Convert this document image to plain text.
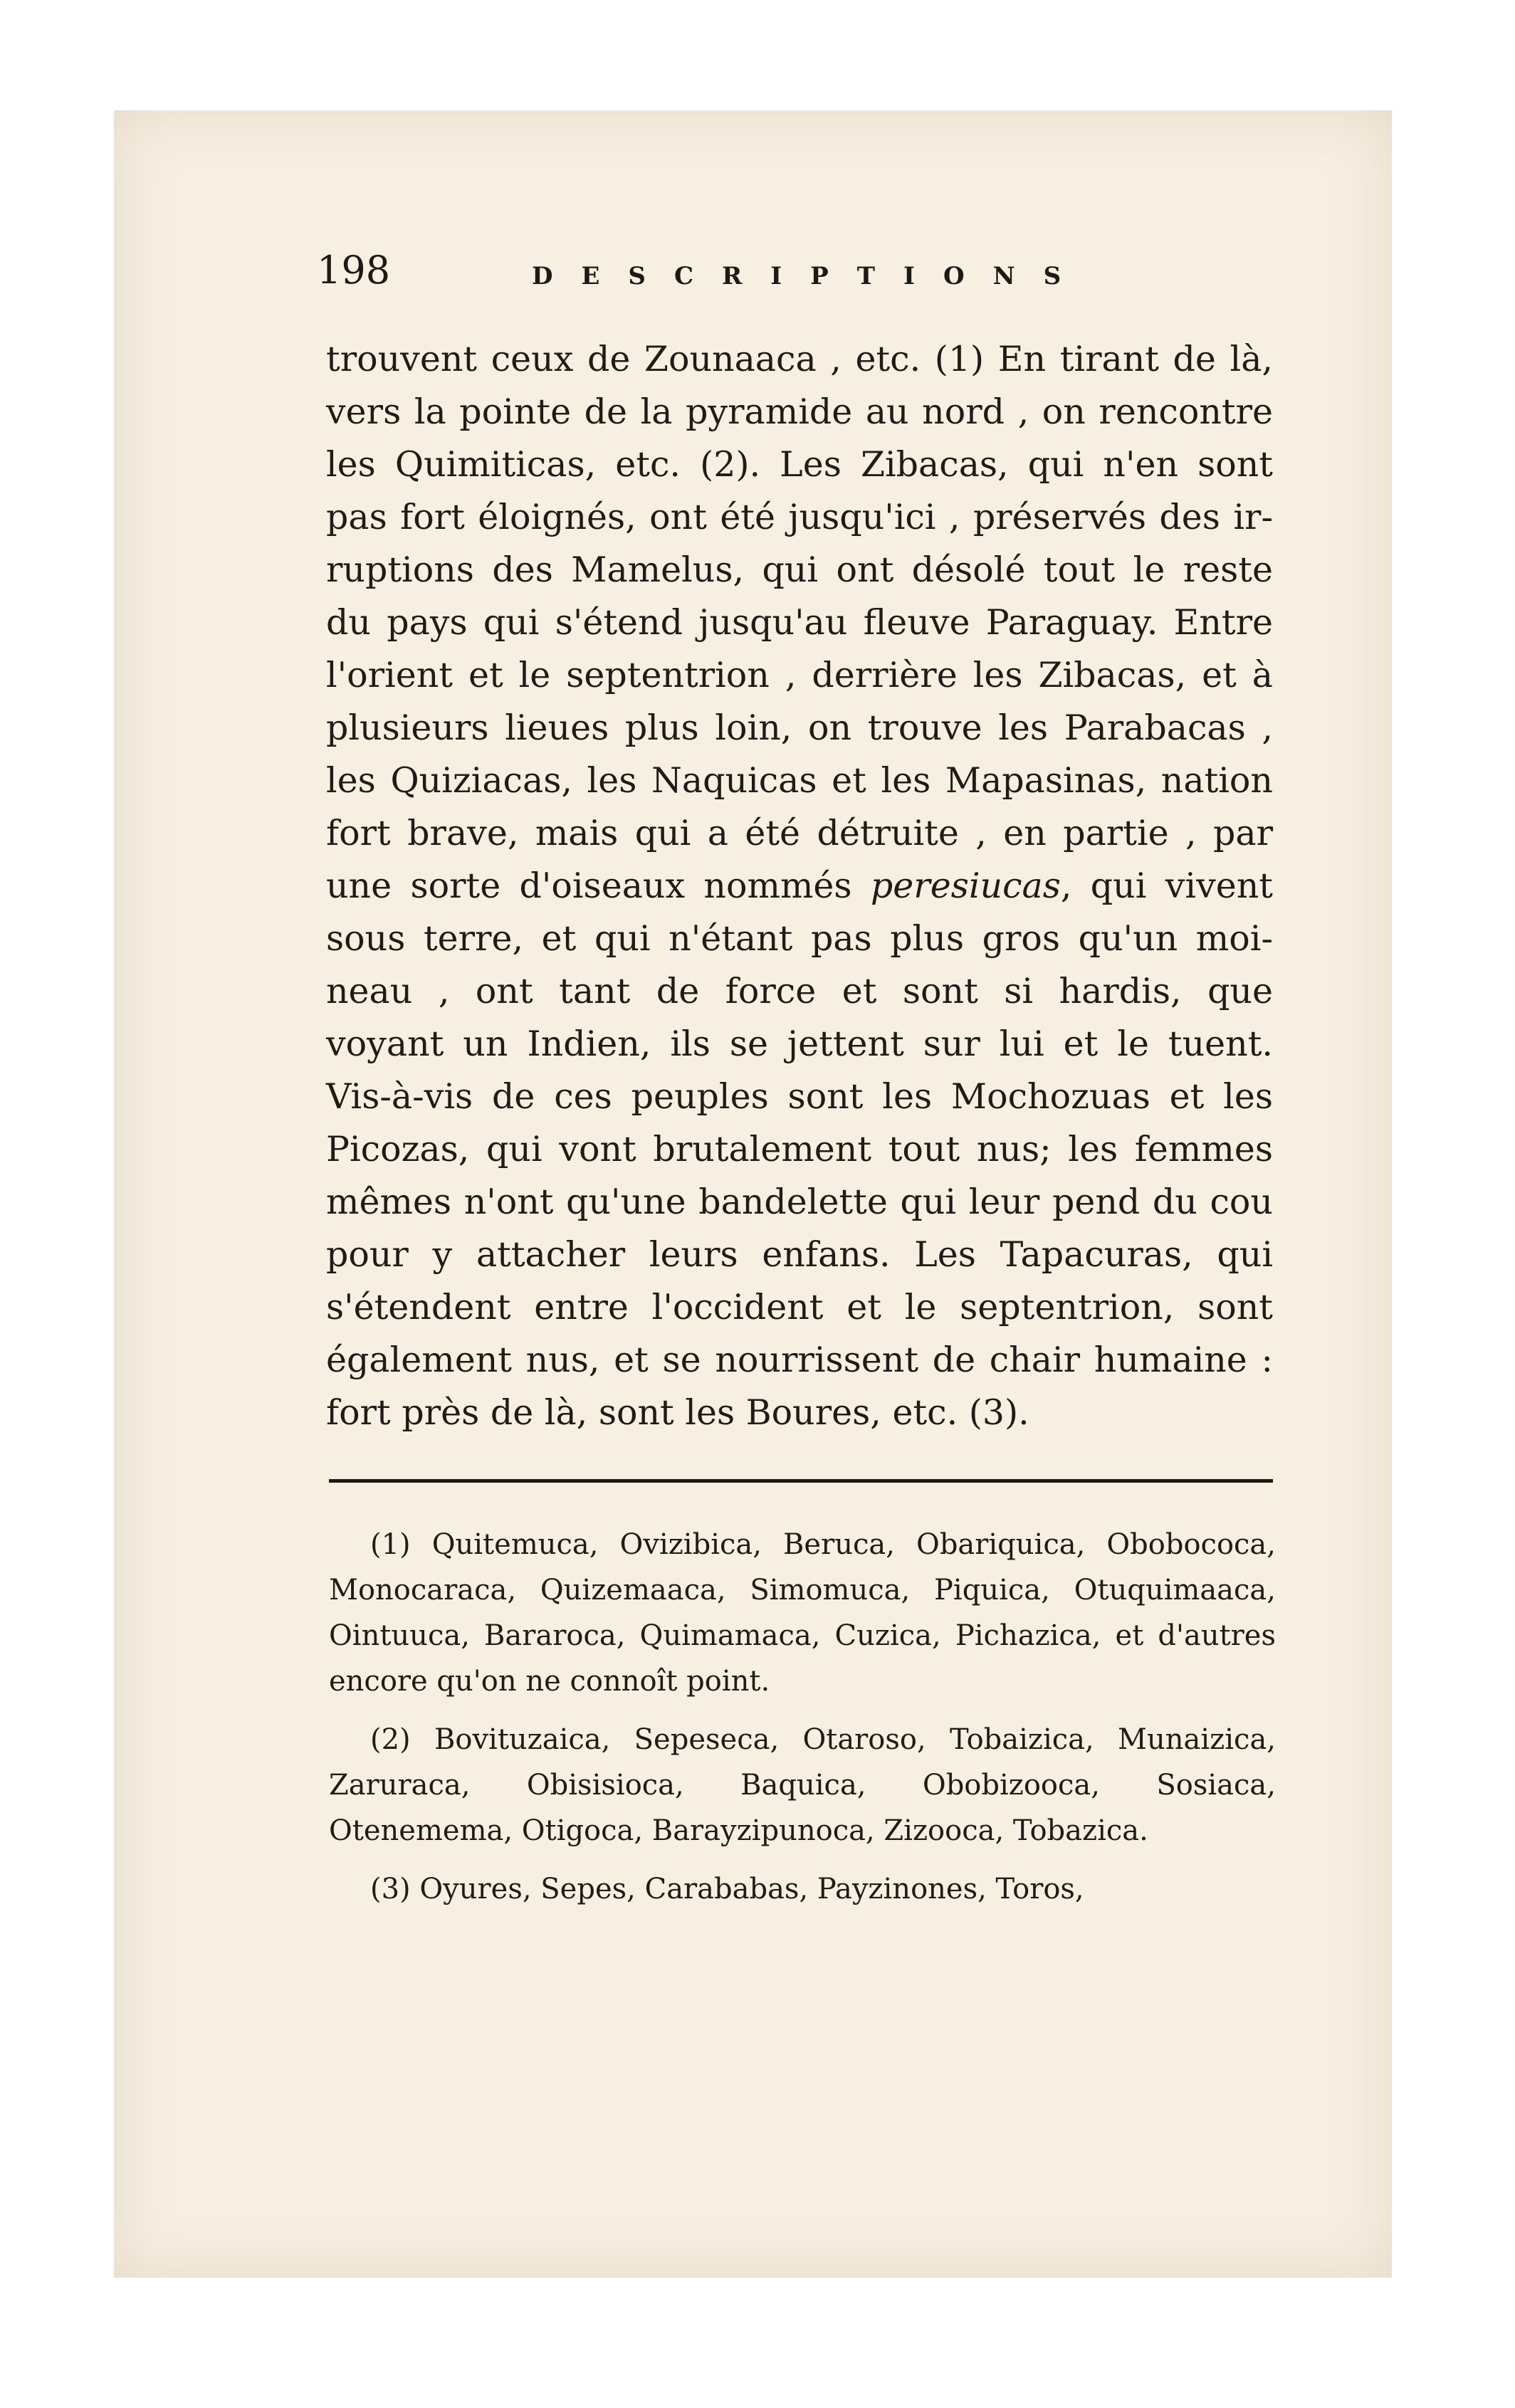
198	DESCRIPTIONS
trouvent ceux de Zounaaca , etc. (1) En tirant de là,
vers la pointe de la pyramide au nord , on rencontre
les Quimiticas, etc. (2). Les Zibacas, qui n'en sont
pas fort éloignés, ont été jusqu'ici , préservés des ir-
ruptions des Mamelus, qui ont désolé tout le reste
du pays qui s'étend jusqu'au fleuve Paraguay. Entre
l'orient et le septentrion , derrière les Zibacas, et à
plusieurs lieues plus loin, on trouve les Parabacas ,
les Quiziacas, les Naquicas et les Mapasinas, nation
fort brave, mais qui a été détruite , en partie , par
une sorte d'oiseaux nommés peresiucas, qui vivent
sous terre, et qui n'étant pas plus gros qu'un moi-
neau , ont tant de force et sont si hardis, que
voyant un Indien, ils se jettent sur lui et le tuent.
Vis-à-vis de ces peuples sont les Mochozuas et les
Picozas, qui vont brutalement tout nus; les femmes
mêmes n'ont qu'une bandelette qui leur pend du cou
pour y attacher leurs enfans. Les Tapacuras, qui
s'étendent entre l'occident et le septentrion, sont
également nus, et se nourrissent de chair humaine :
fort près de là, sont les Boures, etc. (3).

(1) Quitemuca, Ovizibica, Beruca, Obariquica, Obobococa, Monocaraca, Quizemaaca, Simomuca, Piquica, Otuquimaaca, Ointuuca, Bararoca, Quimamaca, Cuzica, Pichazica, et d'autres encore qu'on ne connoît point.

(2) Bovituzaica, Sepeseca, Otaroso, Tobaizica, Munaizica, Zaruraca, Obisisioca, Baquica, Obobizooca, Sosiaca, Otenemema, Otigoca, Barayzipunoca, Zizooca, Tobazica.

(3) Oyures, Sepes, Carababas, Payzinones, Toros,
